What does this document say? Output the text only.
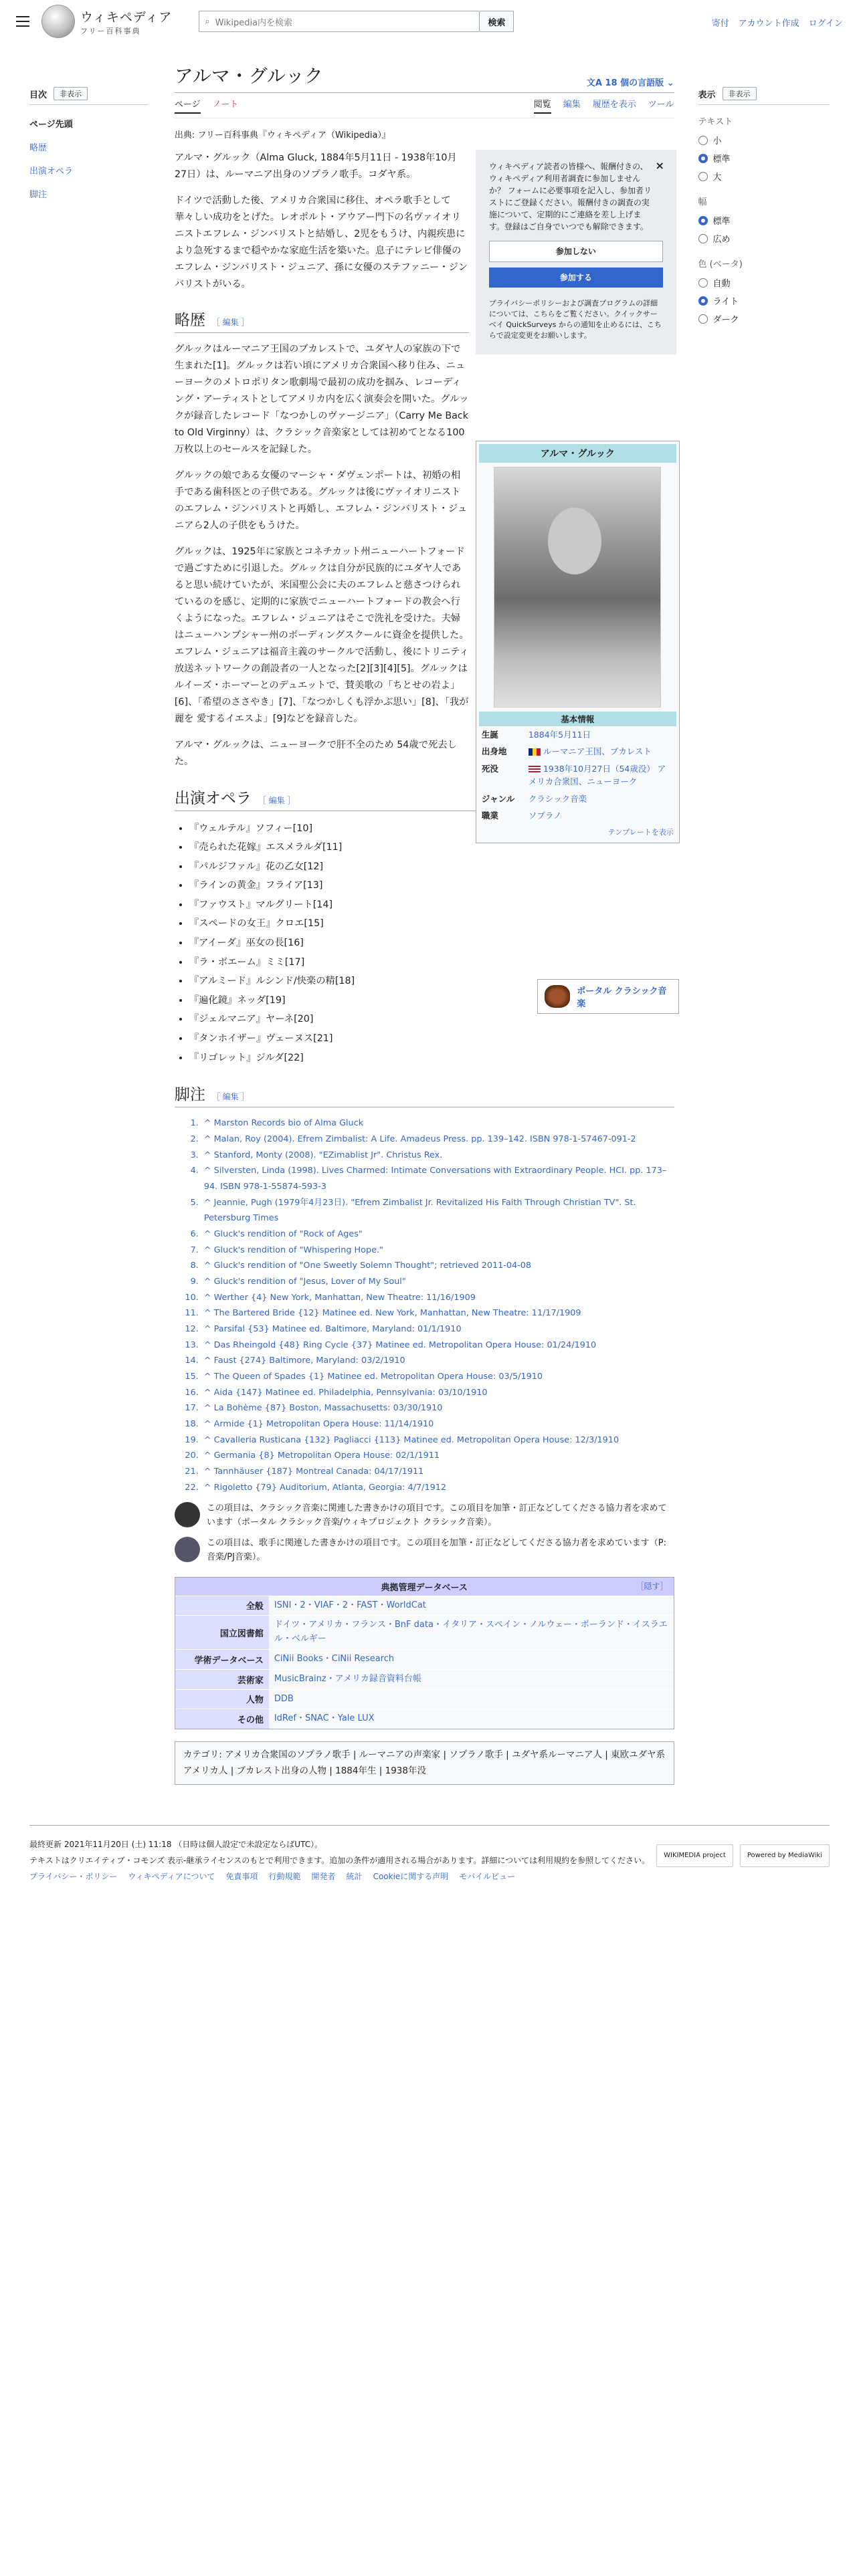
ウィキペディア
フリー百科事典
⌕ Wikipedia内を検索	検索	寄付 アカウント作成 ログイン
目次	非表示
ページ先頭
略歴
出演オペラ
脚注
アルマ・グルック	文A 18 個の言語版 ⌄
ページ ノート	閲覧 編集 履歴を表示 ツール
出典: フリー百科事典『ウィキペディア（Wikipedia）』

アルマ・グルック（Alma Gluck, 1884年5月11日 - 1938年10月27日）は、ルーマニア出身のソプラノ歌手。コダヤ系。

ドイツで活動した後、アメリカ合衆国に移住、オペラ歌手として華々しい成功をとげた。レオポルト・アウアー門下の名ヴァイオリニストエフレム・ジンバリストと結婚し、2児をもうけ、内親疾患により急死するまで穏やかな家庭生活を築いた。息子にテレビ俳優のエフレム・ジンバリスト・ジュニア、孫に女優のステファニー・ジンバリストがいる。

略歴 ［ 編集 ］

グルックはルーマニア王国のブカレストで、ユダヤ人の家族の下で生まれた[1]。グルックは若い頃にアメリカ合衆国へ移り住み、ニューヨークのメトロポリタン歌劇場で最初の成功を掴み、レコーディング・アーティストとしてアメリカ内を広く演奏会を開いた。グルックが録音したレコード「なつかしのヴァージニア」（Carry Me Back to Old Virginny）は、クラシック音楽家としては初めてとなる100万枚以上のセールスを記録した。

グルックの娘である女優のマーシャ・ダヴェンポートは、初婚の相手である歯科医との子供である。グルックは後にヴァイオリニストのエフレム・ジンバリストと再婚し、エフレム・ジンバリスト・ジュニアら2人の子供をもうけた。

グルックは、1925年に家族とコネチカット州ニューハートフォードで過ごすために引退した。グルックは自分が民族的にユダヤ人であると思い続けていたが、米国聖公会に夫のエフレムと慈さつけられているのを感じ、定期的に家族でニューハートフォードの教会へ行くようになった。エフレム・ジュニアはそこで洗礼を受けた。夫婦はニューハンプシャー州のボーディングスクールに資金を提供した。エフレム・ジュニアは福音主義のサークルで活動し、後にトリニティ放送ネットワークの創設者の一人となった[2][3][4][5]。グルックはルイーズ・ホーマーとのデュエットで、賛美歌の「ちとせの岩よ」[6]、「希望のささやき」[7]、「なつかしくも浮かぶ思い」[8]、「我が麗を 愛するイエスよ」[9]などを録音した。

アルマ・グルックは、ニューヨークで肝不全のため 54歳で死去した。

×
ウィキペディア読者の皆様へ、報酬付きの、ウィキペディア利用者調査に参加しませんか？ フォームに必要事項を記入し、参加者リストにご登録ください。報酬付きの調査の実施について、定期的にご連絡を差し上げます。登録はご自身でいつでも解除できます。
参加しない
参加する
プライバシーポリシーおよび調査プログラムの詳細については、こちらをご覧ください。クイックサーベイ QuickSurveys からの通知を止めるには、こちらで設定変更をお願いします。
アルマ・グルック
基本情報
生誕	1884年5月11日
出身地	ルーマニア王国、ブカレスト
死没	1938年10月27日（54歳没） アメリカ合衆国、ニューヨーク
ジャンル	クラシック音楽
職業	ソプラノ
テンプレートを表示
ポータル クラシック音楽
出演オペラ ［ 編集 ］
• 『ウェルテル』ソフィー[10]
• 『売られた花嫁』エスメラルダ[11]
• 『パルジファル』花の乙女[12]
• 『ラインの黄金』フライア[13]
• 『ファウスト』マルグリート[14]
• 『スペードの女王』クロエ[15]
• 『アイーダ』巫女の長[16]
• 『ラ・ボエーム』ミミ[17]
• 『アルミード』ルシンド/快楽の精[18]
• 『遍化鏡』ネッダ[19]
• 『ジェルマニア』ヤーネ[20]
• 『タンホイザー』ヴェーヌス[21]
• 『リゴレット』ジルダ[22]
脚注 ［ 編集 ］
1. ^ Marston Records bio of Alma Gluck
2. ^ Malan, Roy (2004). Efrem Zimbalist: A Life. Amadeus Press. pp. 139–142. ISBN 978-1-57467-091-2
3. ^ Stanford, Monty (2008). "EZimablist Jr". Christus Rex.
4. ^ Silversten, Linda (1998). Lives Charmed: Intimate Conversations with Extraordinary People. HCI. pp. 173–94. ISBN 978-1-55874-593-3
5. ^ Jeannie, Pugh (1979年4月23日). "Efrem Zimbalist Jr. Revitalized His Faith Through Christian TV". St. Petersburg Times
6. ^ Gluck's rendition of "Rock of Ages"
7. ^ Gluck's rendition of "Whispering Hope."
8. ^ Gluck's rendition of "One Sweetly Solemn Thought"; retrieved 2011-04-08
9. ^ Gluck's rendition of "Jesus, Lover of My Soul"
10. ^ Werther {4} New York, Manhattan, New Theatre: 11/16/1909
11. ^ The Bartered Bride {12} Matinee ed. New York, Manhattan, New Theatre: 11/17/1909
12. ^ Parsifal {53} Matinee ed. Baltimore, Maryland: 01/1/1910
13. ^ Das Rheingold {48} Ring Cycle {37} Matinee ed. Metropolitan Opera House: 01/24/1910
14. ^ Faust {274} Baltimore, Maryland: 03/2/1910
15. ^ The Queen of Spades {1} Matinee ed. Metropolitan Opera House: 03/5/1910
16. ^ Aida {147} Matinee ed. Philadelphia, Pennsylvania: 03/10/1910
17. ^ La Bohème {87} Boston, Massachusetts: 03/30/1910
18. ^ Armide {1} Metropolitan Opera House: 11/14/1910
19. ^ Cavalleria Rusticana {132} Pagliacci {113} Matinee ed. Metropolitan Opera House: 12/3/1910
20. ^ Germania {8} Metropolitan Opera House: 02/1/1911
21. ^ Tannhäuser {187} Montreal Canada: 04/17/1911
22. ^ Rigoletto {79} Auditorium, Atlanta, Georgia: 4/7/1912
この項目は、クラシック音楽に関連した書きかけの項目です。この項目を加筆・訂正などしてくださる協力者を求めています（ポータル クラシック音楽/ウィキプロジェクト クラシック音楽）。
この項目は、歌手に関連した書きかけの項目です。この項目を加筆・訂正などしてくださる協力者を求めています（P:音楽/PJ音楽）。
典拠管理データベース	［隠す］
全般	ISNI・2・VIAF・2・FAST・WorldCat
国立図書館	ドイツ・アメリカ・フランス・BnF data・イタリア・スペイン・ノルウェー・ポーランド・イスラエル・ベルギー
学術データベース	CiNii Books・CiNii Research
芸術家	MusicBrainz・アメリカ録音資料台帳
人物	DDB
その他	IdRef・SNAC・Yale LUX
カテゴリ: アメリカ合衆国のソプラノ歌手 | ルーマニアの声楽家 | ソプラノ歌手 | ユダヤ系ルーマニア人 | 東欧ユダヤ系アメリカ人 | ブカレスト出身の人物 | 1884年生 | 1938年没
表示	非表示
テキスト
小
標準
大
幅
標準
広め
色 (ベータ)
自動
ライト
ダーク
最終更新 2021年11月20日 (土) 11:18 （日時は個人設定で未設定ならばUTC）。
テキストはクリエイティブ・コモンズ 表示-継承ライセンスのもとで利用できます。追加の条件が適用される場合があります。詳細については利用規約を参照してください。
プライバシー・ポリシー ウィキペディアについて 免責事項 行動規範 開発者 統計 Cookieに関する声明 モバイルビュー
WIKIMEDIA project	Powered by MediaWiki
